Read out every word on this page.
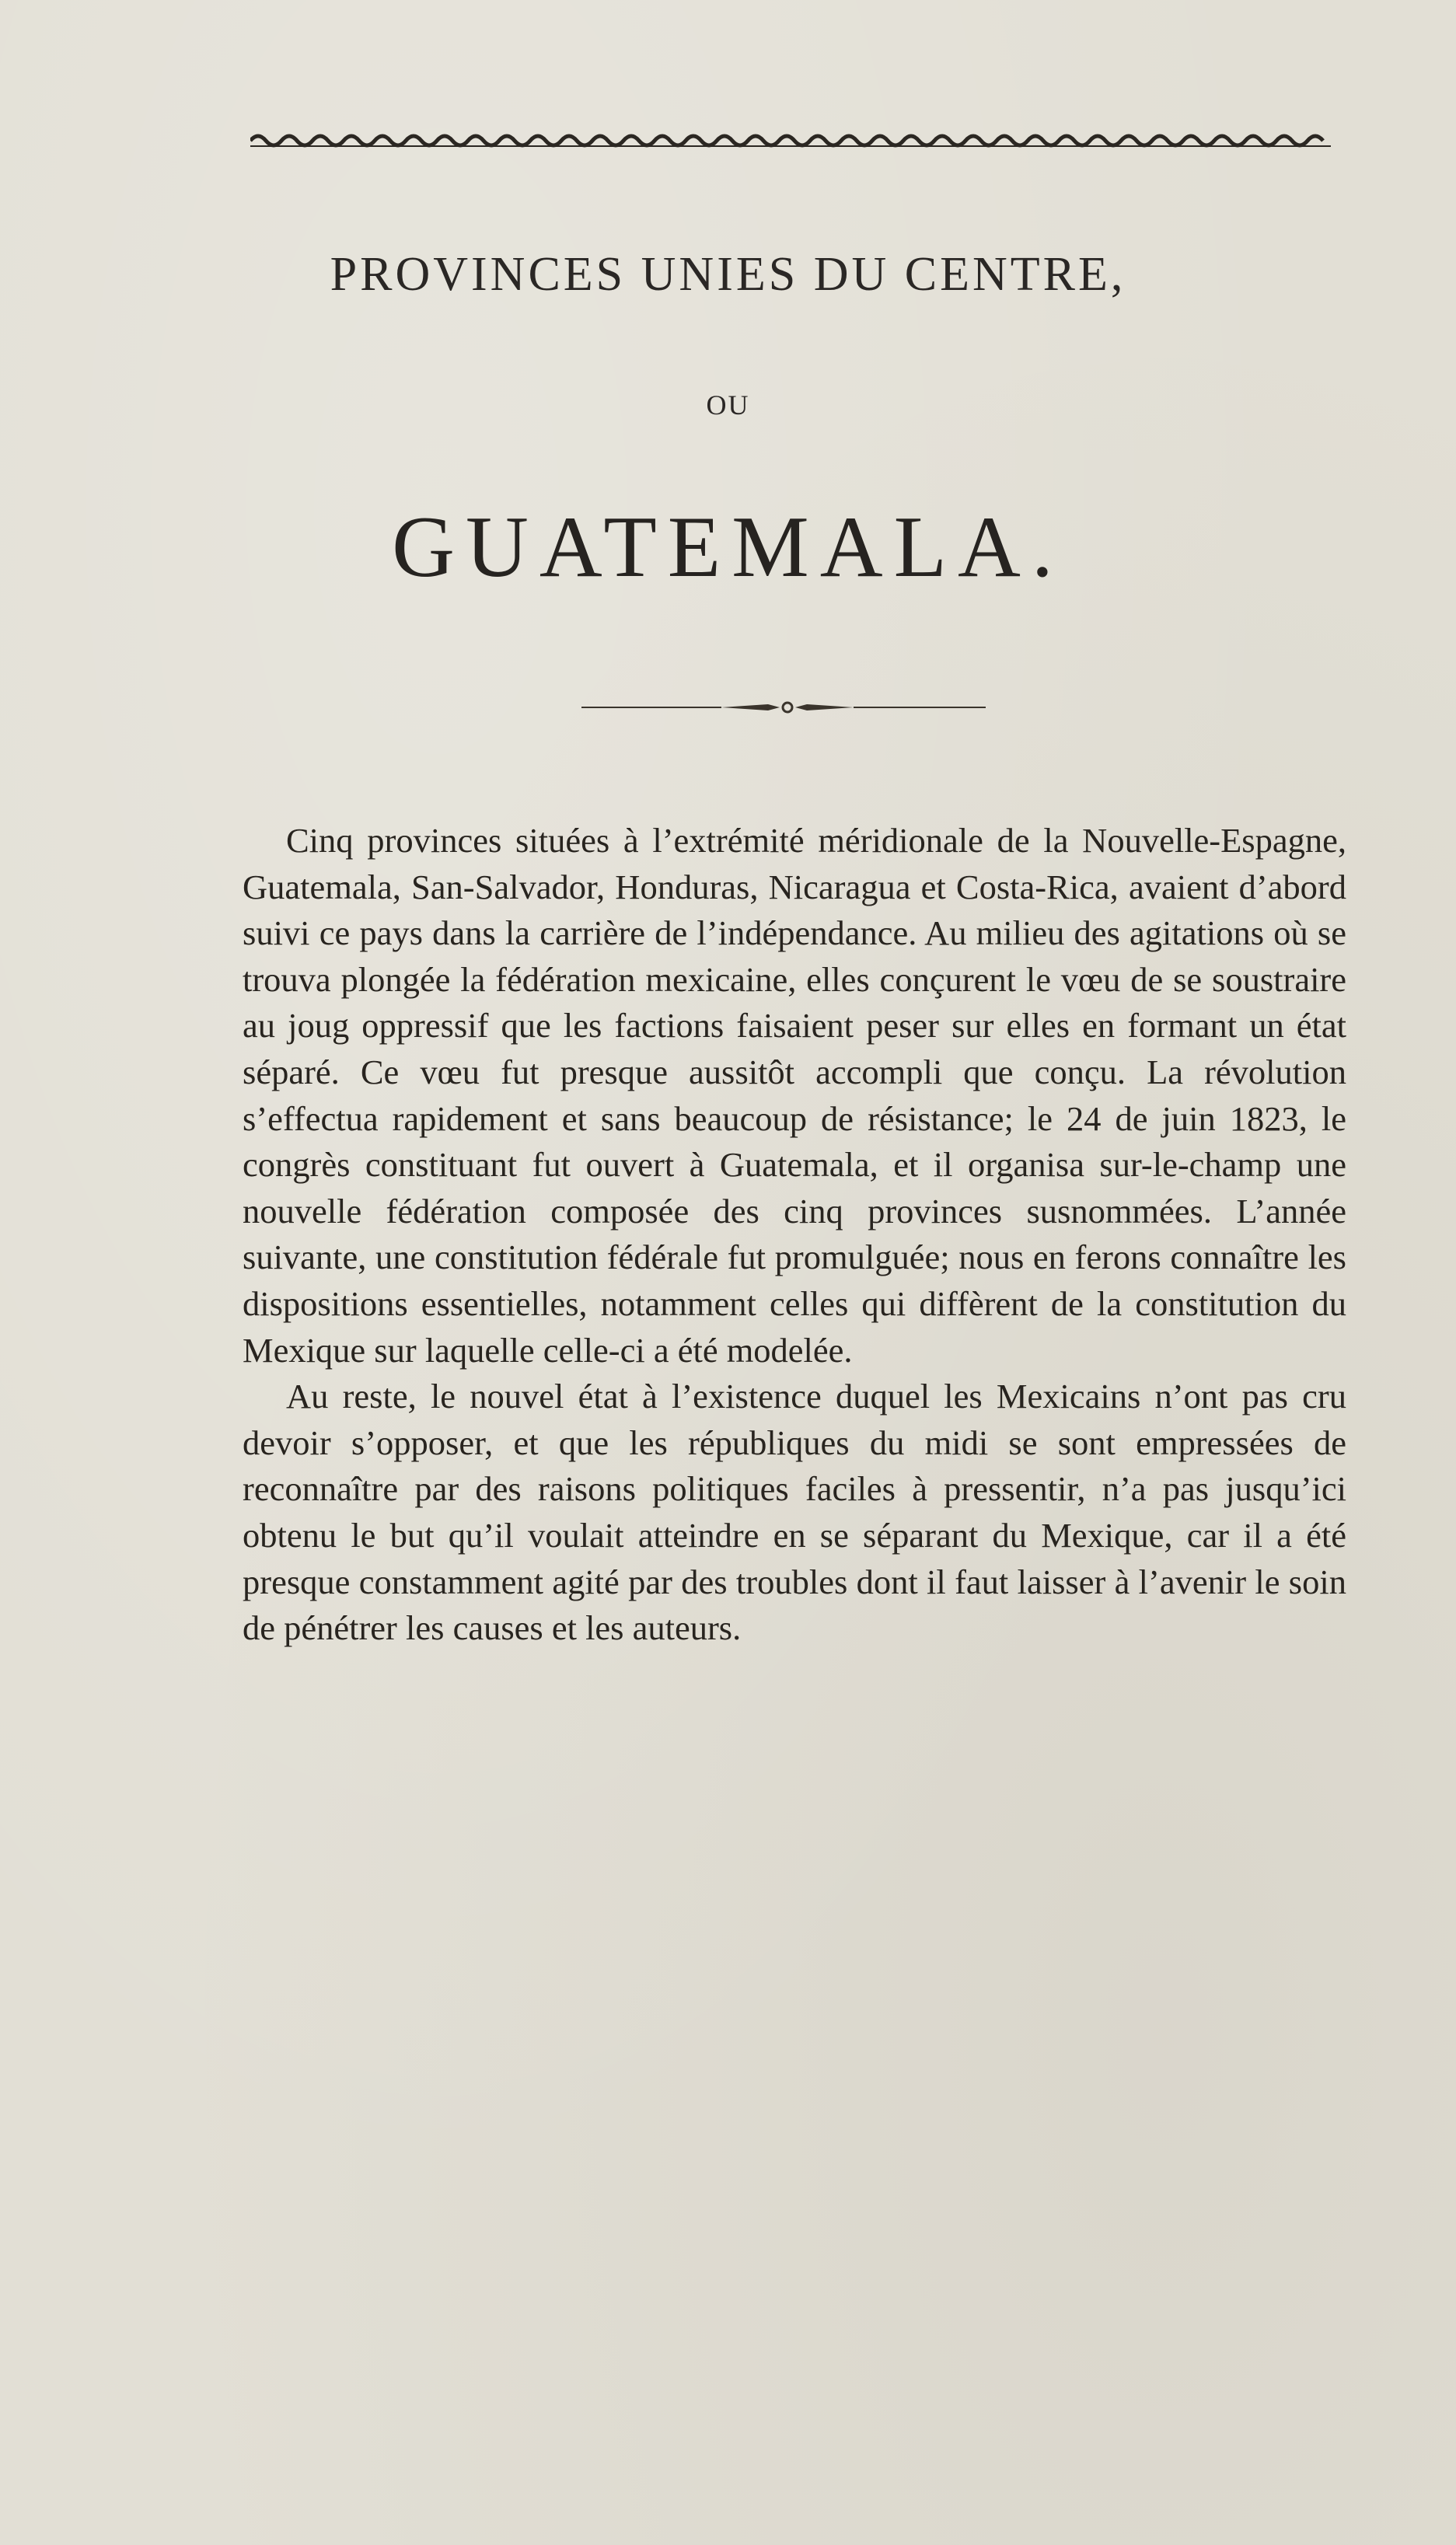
PROVINCES UNIES DU CENTRE,
OU
GUATEMALA.

Cinq provinces situées à l’extrémité méridionale de la Nouvelle-Espagne, Guatemala, San-Salvador, Honduras, Nicaragua et Costa-Rica, avaient d’abord suivi ce pays dans la carrière de l’indépendance. Au milieu des agitations où se trouva plongée la fédération mexicaine, elles conçurent le vœu de se soustraire au joug oppressif que les factions faisaient peser sur elles en formant un état séparé. Ce vœu fut presque aussitôt accompli que conçu. La révolution s’effectua rapidement et sans beaucoup de résistance; le 24 de juin 1823, le congrès constituant fut ouvert à Guatemala, et il organisa sur-le-champ une nouvelle fédération composée des cinq provinces susnommées. L’année suivante, une constitution fédérale fut promulguée; nous en ferons connaître les dispositions essentielles, notamment celles qui diffèrent de la constitution du Mexique sur laquelle celle-ci a été modelée.

Au reste, le nouvel état à l’existence duquel les Mexicains n’ont pas cru devoir s’opposer, et que les républiques du midi se sont empressées de reconnaître par des raisons politiques faciles à pressentir, n’a pas jusqu’ici obtenu le but qu’il voulait atteindre en se séparant du Mexique, car il a été presque constamment agité par des troubles dont il faut laisser à l’avenir le soin de pénétrer les causes et les auteurs.
